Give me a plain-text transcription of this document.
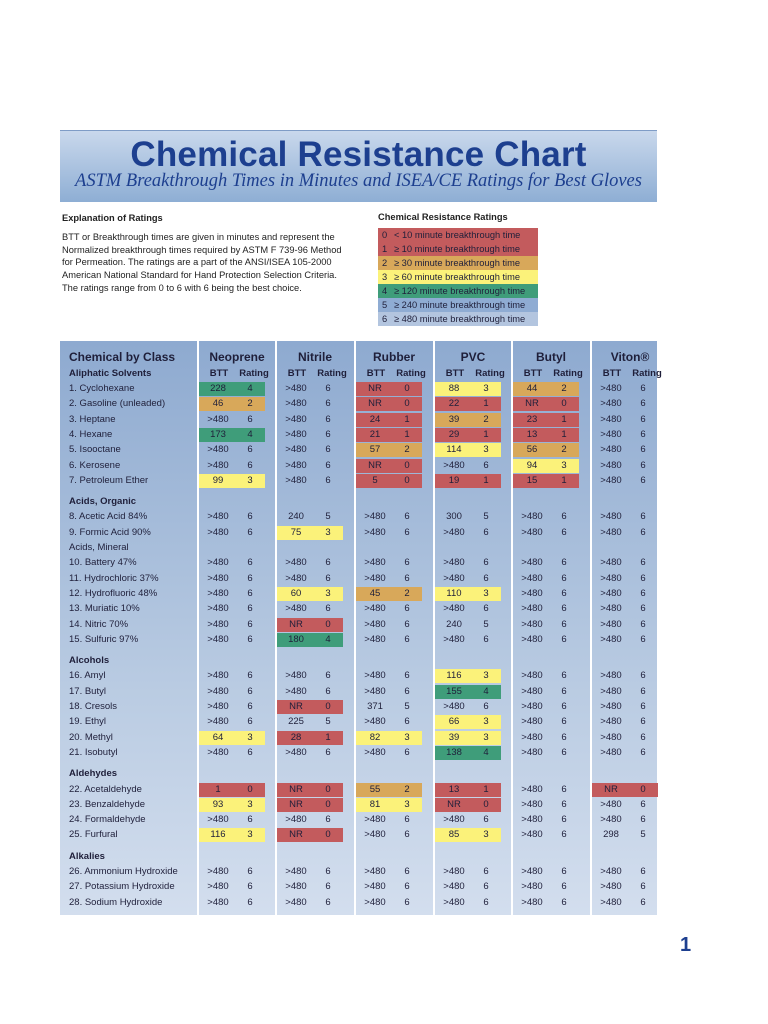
Chemical Resistance Chart
ASTM Breakthrough Times in Minutes and ISEA/CE Ratings for Best Gloves
Explanation of Ratings
BTT or Breakthrough times are given in minutes and represent the
Normalized breakthrough times required by ASTM F 739-96 Method
for Permeation. The ratings are a part of the ANSI/ISEA 105-2000
American National Standard for Hand Protection Selection Criteria.
The ratings range from 0 to 6 with 6 being the best choice.
Chemical Resistance Ratings
0 < 10 minute breakthrough time
1 ≥ 10 minute breakthrough time
2 ≥ 30 minute breakthrough time
3 ≥ 60 minute breakthrough time
4 ≥ 120 minute breakthrough time
5 ≥ 240 minute breakthrough time
6 ≥ 480 minute breakthrough time
Chemical by Class
Aliphatic Solvents
Neoprene
BTT	Rating
Nitrile
BTT	Rating
Rubber
BTT	Rating
PVC
BTT	Rating
Butyl
BTT	Rating
Viton®
BTT	Rating
1. Cyclohexane	228	4	>480	6	NR	0	88	3	44	2	>480	6
2. Gasoline (unleaded)	46	2	>480	6	NR	0	22	1	NR	0	>480	6
3. Heptane	>480	6	>480	6	24	1	39	2	23	1	>480	6
4. Hexane	173	4	>480	6	21	1	29	1	13	1	>480	6
5. Isooctane	>480	6	>480	6	57	2	114	3	56	2	>480	6
6. Kerosene	>480	6	>480	6	NR	0	>480	6	94	3	>480	6
7. Petroleum Ether	99	3	>480	6	5	0	19	1	15	1	>480	6
Acids, Organic
8. Acetic Acid 84%	>480	6	240	5	>480	6	300	5	>480	6	>480	6
9. Formic Acid 90%	>480	6	75	3	>480	6	>480	6	>480	6	>480	6
Acids, Mineral
10. Battery 47%	>480	6	>480	6	>480	6	>480	6	>480	6	>480	6
11. Hydrochloric 37%	>480	6	>480	6	>480	6	>480	6	>480	6	>480	6
12. Hydrofluoric 48%	>480	6	60	3	45	2	110	3	>480	6	>480	6
13. Muriatic 10%	>480	6	>480	6	>480	6	>480	6	>480	6	>480	6
14. Nitric 70%	>480	6	NR	0	>480	6	240	5	>480	6	>480	6
15. Sulfuric 97%	>480	6	180	4	>480	6	>480	6	>480	6	>480	6
Alcohols
16. Amyl	>480	6	>480	6	>480	6	116	3	>480	6	>480	6
17. Butyl	>480	6	>480	6	>480	6	155	4	>480	6	>480	6
18. Cresols	>480	6	NR	0	371	5	>480	6	>480	6	>480	6
19. Ethyl	>480	6	225	5	>480	6	66	3	>480	6	>480	6
20. Methyl	64	3	28	1	82	3	39	3	>480	6	>480	6
21. Isobutyl	>480	6	>480	6	>480	6	138	4	>480	6	>480	6
Aldehydes
22. Acetaldehyde	1	0	NR	0	55	2	13	1	>480	6	NR	0
23. Benzaldehyde	93	3	NR	0	81	3	NR	0	>480	6	>480	6
24. Formaldehyde	>480	6	>480	6	>480	6	>480	6	>480	6	>480	6
25. Furfural	116	3	NR	0	>480	6	85	3	>480	6	298	5
Alkalies
26. Ammonium Hydroxide	>480	6	>480	6	>480	6	>480	6	>480	6	>480	6
27. Potassium Hydroxide	>480	6	>480	6	>480	6	>480	6	>480	6	>480	6
28. Sodium Hydroxide	>480	6	>480	6	>480	6	>480	6	>480	6	>480	6
1
